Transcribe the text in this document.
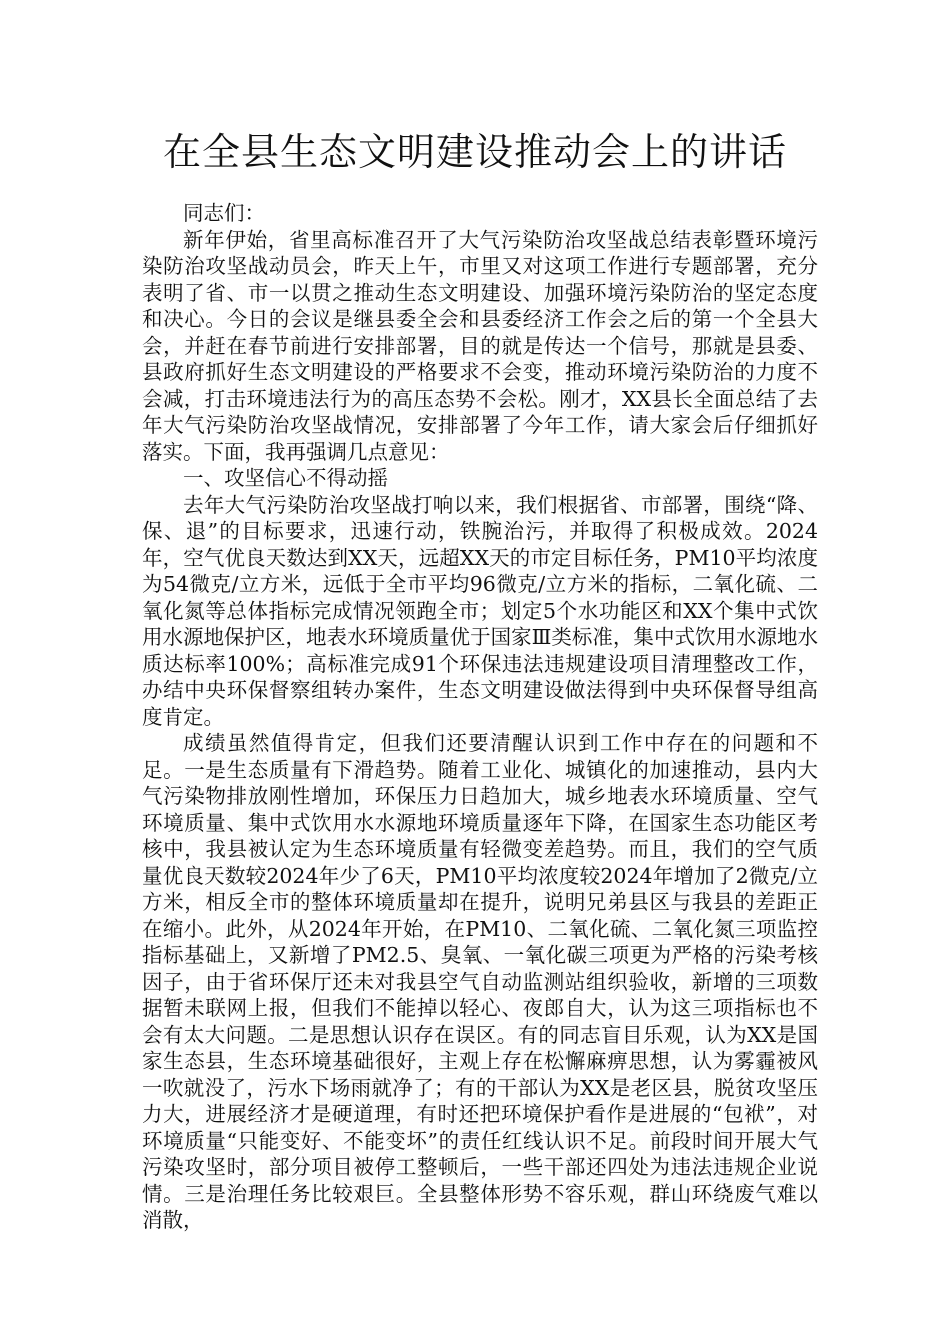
在全县生态文明建设推动会上的讲话

同志们：

新年伊始，省里高标准召开了大气污染防治攻坚战总结表彰暨环境污染防治攻坚战动员会，昨天上午，市里又对这项工作进行专题部署，充分表明了省、市一以贯之推动生态文明建设、加强环境污染防治的坚定态度和决心。今日的会议是继县委全会和县委经济工作会之后的第一个全县大会，并赶在春节前进行安排部署，目的就是传达一个信号，那就是县委、县政府抓好生态文明建设的严格要求不会变，推动环境污染防治的力度不会减，打击环境违法行为的高压态势不会松。刚才，XX县长全面总结了去年大气污染防治攻坚战情况，安排部署了今年工作，请大家会后仔细抓好落实。下面，我再强调几点意见：

一、攻坚信心不得动摇

去年大气污染防治攻坚战打响以来，我们根据省、市部署，围绕“降、保、退”的目标要求，迅速行动，铁腕治污，并取得了积极成效。2024年，空气优良天数达到XX天，远超XX天的市定目标任务，PM10平均浓度为54微克/立方米，远低于全市平均96微克/立方米的指标，二氧化硫、二氧化氮等总体指标完成情况领跑全市；划定5个水功能区和XX个集中式饮用水源地保护区，地表水环境质量优于国家Ⅲ类标准，集中式饮用水源地水质达标率100%；高标准完成91个环保违法违规建设项目清理整改工作，办结中央环保督察组转办案件，生态文明建设做法得到中央环保督导组高度肯定。

成绩虽然值得肯定，但我们还要清醒认识到工作中存在的问题和不足。一是生态质量有下滑趋势。随着工业化、城镇化的加速推动，县内大气污染物排放刚性增加，环保压力日趋加大，城乡地表水环境质量、空气环境质量、集中式饮用水水源地环境质量逐年下降，在国家生态功能区考核中，我县被认定为生态环境质量有轻微变差趋势。而且，我们的空气质量优良天数较2024年少了6天，PM10平均浓度较2024年增加了2微克/立方米，相反全市的整体环境质量却在提升，说明兄弟县区与我县的差距正在缩小。此外，从2024年开始，在PM10、二氧化硫、二氧化氮三项监控指标基础上，又新增了PM2.5、臭氧、一氧化碳三项更为严格的污染考核因子，由于省环保厅还未对我县空气自动监测站组织验收，新增的三项数据暂未联网上报，但我们不能掉以轻心、夜郎自大，认为这三项指标也不会有太大问题。二是思想认识存在误区。有的同志盲目乐观，认为XX是国家生态县，生态环境基础很好，主观上存在松懈麻痹思想，认为雾霾被风一吹就没了，污水下场雨就净了；有的干部认为XX是老区县，脱贫攻坚压力大，进展经济才是硬道理，有时还把环境保护看作是进展的“包袱”，对环境质量“只能变好、不能变坏”的责任红线认识不足。前段时间开展大气污染攻坚时，部分项目被停工整顿后，一些干部还四处为违法违规企业说情。三是治理任务比较艰巨。全县整体形势不容乐观，群山环绕废气难以消散，
